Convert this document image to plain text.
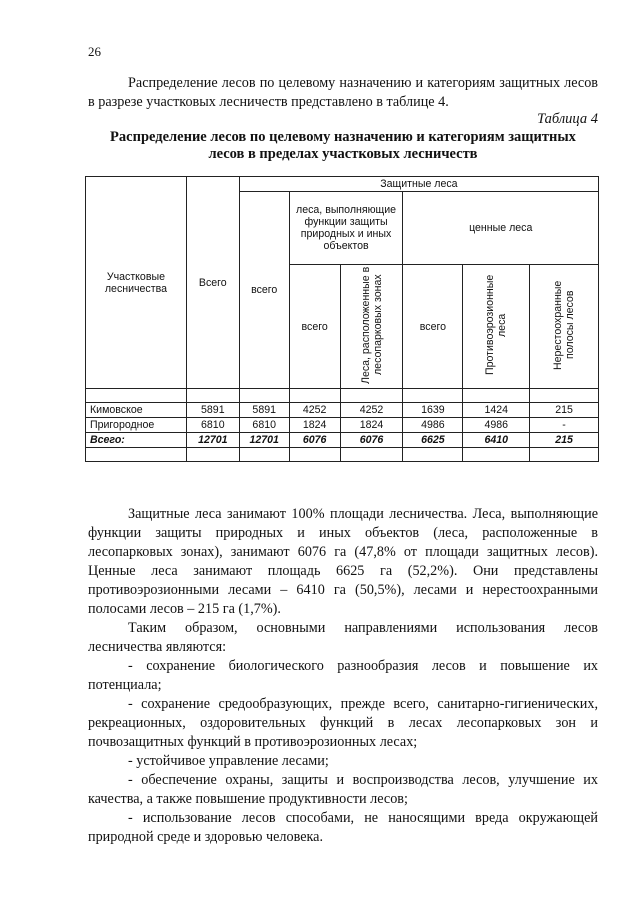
26
Распределение лесов по целевому назначению и категориям защитных лесов в разрезе участковых лесничеств представлено в таблице 4.
Таблица 4
Распределение лесов по целевому назначению и категориям защитных
лесов в пределах участковых лесничеств
Участковые лесничества	Всего	Защитные леса					
		всего	леса, выполняющие функции защиты природных и иных объектов		ценные леса		
			всего	Леса, расположенные в лесопарковых зонах	всего	Противоэрозионные леса	Нерестоохранные полосы лесов

Кимовское	5891	5891	4252	4252	1639	1424	215
Пригородное	6810	6810	1824	1824	4986	4986	-
Всего:	12701	12701	6076	6076	6625	6410	215

Защитные леса занимают 100% площади лесничества. Леса, выполняющие функции защиты природных и иных объектов (леса, расположенные в лесопарковых зонах), занимают 6076 га (47,8% от площади защитных лесов). Ценные леса занимают площадь 6625 га (52,2%). Они представлены противоэрозионными лесами – 6410 га (50,5%), лесами и нерестоохранными полосами лесов – 215 га (1,7%).

Таким образом, основными направлениями использования лесов лесничества являются:

- сохранение биологического разнообразия лесов и повышение их потенциала;

- сохранение средообразующих, прежде всего, санитарно-гигиенических, рекреационных, оздоровительных функций в лесах лесопарковых зон и почвозащитных функций в противоэрозионных лесах;

- устойчивое управление лесами;

- обеспечение охраны, защиты и воспроизводства лесов, улучшение их качества, а также повышение продуктивности лесов;

- использование лесов способами, не наносящими вреда окружающей природной среде и здоровью человека.
